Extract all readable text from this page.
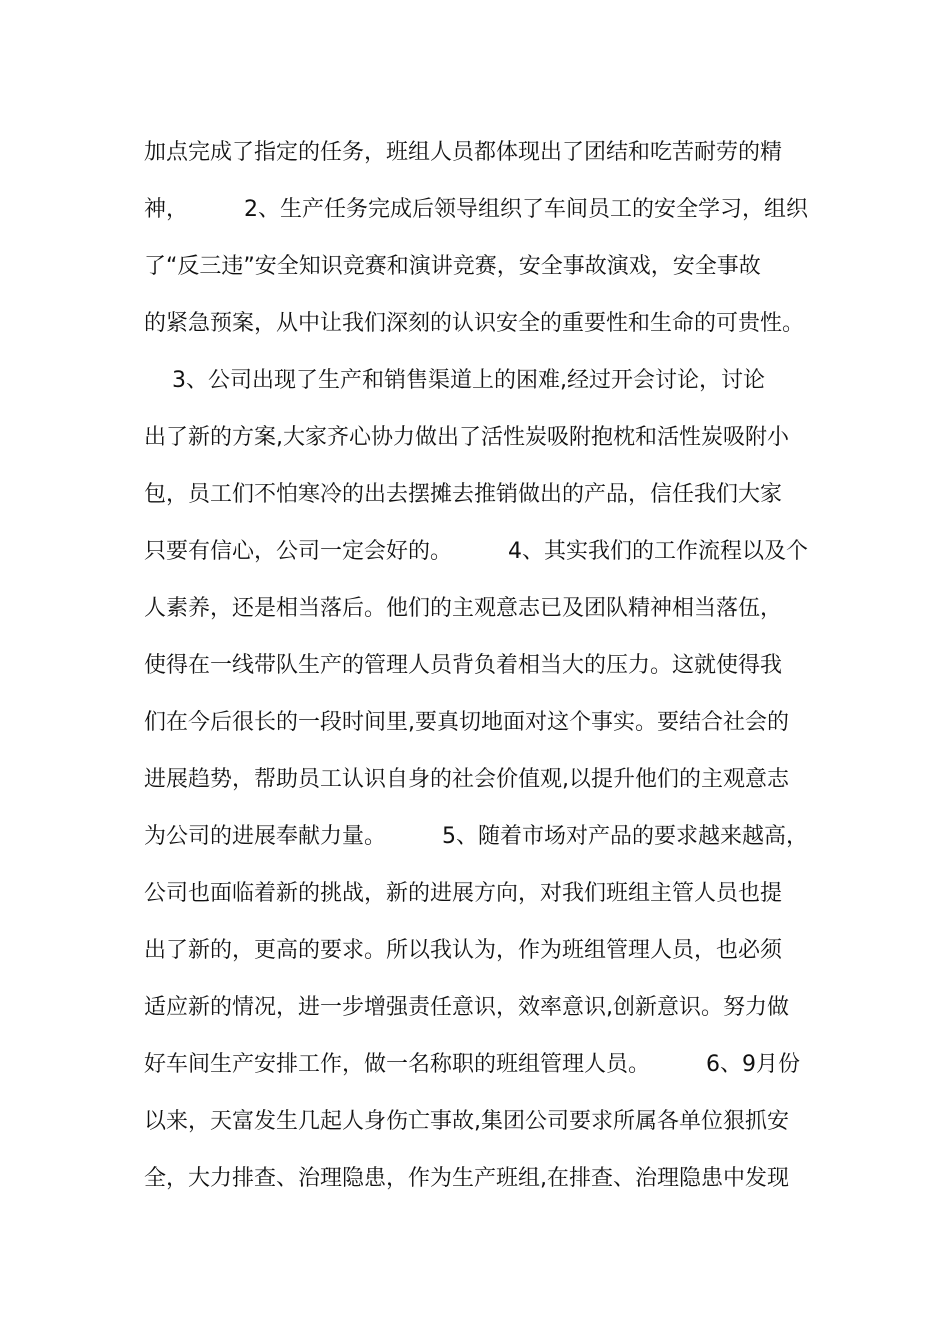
加点完成了指定的任务，班组人员都体现出了团结和吃苦耐劳的精
神，        2、生产任务完成后领导组织了车间员工的安全学习，组织
了“反三违”安全知识竞赛和演讲竞赛，安全事故演戏，安全事故
的紧急预案，从中让我们深刻的认识安全的重要性和生命的可贵性。
3、公司出现了生产和销售渠道上的困难,经过开会讨论，讨论
出了新的方案,大家齐心协力做出了活性炭吸附抱枕和活性炭吸附小
包，员工们不怕寒冷的出去摆摊去推销做出的产品，信任我们大家
只要有信心，公司一定会好的。        4、其实我们的工作流程以及个
人素养，还是相当落后。他们的主观意志已及团队精神相当落伍，
使得在一线带队生产的管理人员背负着相当大的压力。这就使得我
们在今后很长的一段时间里,要真切地面对这个事实。要结合社会的
进展趋势，帮助员工认识自身的社会价值观,以提升他们的主观意志
为公司的进展奉献力量。        5、随着市场对产品的要求越来越高，
公司也面临着新的挑战，新的进展方向，对我们班组主管人员也提
出了新的，更高的要求。所以我认为，作为班组管理人员，也必须
适应新的情况，进一步增强责任意识，效率意识,创新意识。努力做
好车间生产安排工作，做一名称职的班组管理人员。        6、9月份
以来，天富发生几起人身伤亡事故,集团公司要求所属各单位狠抓安
全，大力排查、治理隐患，作为生产班组,在排查、治理隐患中发现
